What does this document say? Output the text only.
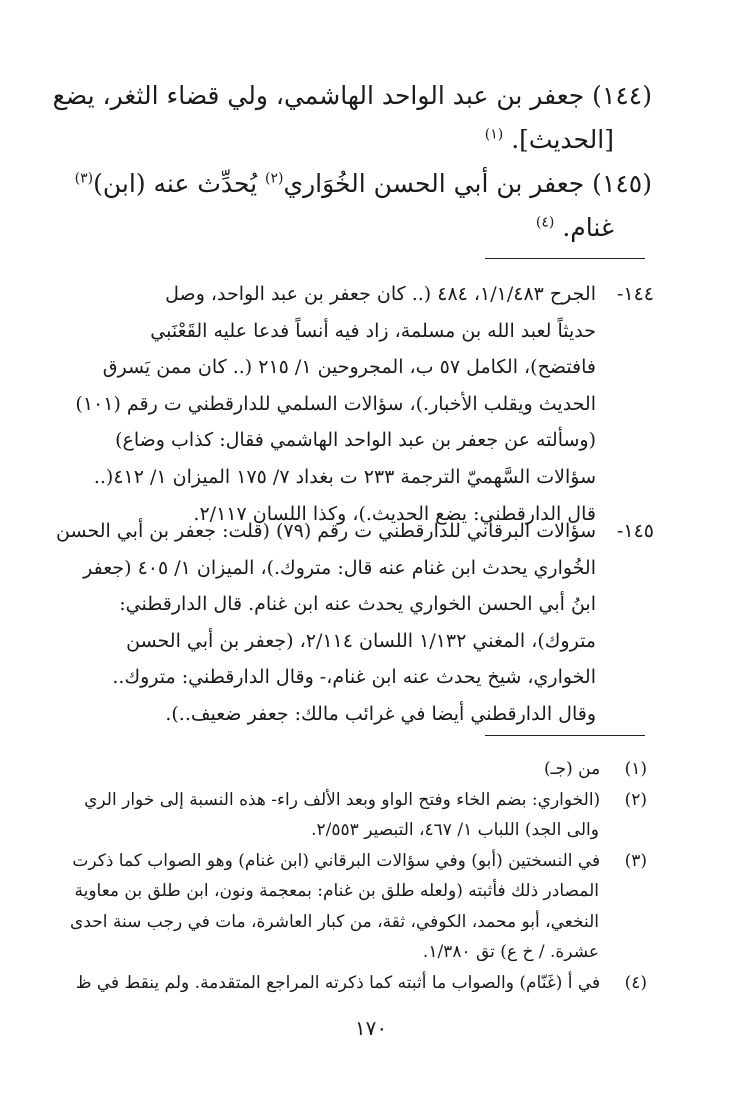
(١٤٤) جعفر بن عبد الواحد الهاشمي، ولي قضاء الثغر، يضع
[الحديث]. $^{(١)}$
(١٤٥) جعفر بن أبي الحسن الخُوَاري$^{(٢)}$ يُحدِّث عنه (ابن)$^{(٣)}$
غنام. $^{(٤)}$
١٤٤-الجرح ١/١/٤٨٣، ٤٨٤ (.. كان جعفر بن عبد الواحد، وصل
حديثاً لعبد الله بن مسلمة، زاد فيه أنساً فدعا عليه القَعْنَبي
فافتضح)، الكامل ٥٧ ب، المجروحين ١/ ٢١٥ (.. كان ممن يَسرق
الحديث ويقلب الأخبار.)، سؤالات السلمي للدارقطني ت رقم (١٠١)
(وسألته عن جعفر بن عبد الواحد الهاشمي فقال: كذاب وضاع)
سؤالات السَّهميّ الترجمة ٢٣٣ ت بغداد ٧/ ١٧٥ الميزان ١/ ٤١٢(..
قال الدارقطني: يضع الحديث.)، وكذا اللسان ٢/١١٧.
١٤٥-سؤالات البرقاني للدارقطني ت رقم (٧٩) (قلت: جعفر بن أبي الحسن
الخُواري يحدث ابن غنام عنه قال: متروك.)، الميزان ١/ ٤٠٥ (جعفر
ابنُ أبي الحسن الخواري يحدث عنه ابن غنام. قال الدارقطني:
متروك)، المغني ١/١٣٢ اللسان ٢/١١٤، (جعفر بن أبي الحسن
الخواري، شيخ يحدث عنه ابن غنام،- وقال الدارقطني: متروك..
وقال الدارقطني أيضا في غرائب مالك: جعفر ضعيف..).
(١)  من (جـ)
(٢)  (الخواري: بضم الخاء وفتح الواو وبعد الألف راء- هذه النسبة إلى خوار الري
والى الجد) اللباب ١/ ٤٦٧، التبصير ٢/٥٥٣.
(٣)  في النسختين (أبو) وفي سؤالات البرقاني (ابن غنام) وهو الصواب كما ذكرت
المصادر ذلك فأثبته (ولعله طلق بن غنام: بمعجمة ونون، ابن طلق بن معاوية
النخعي، أبو محمد، الكوفي، ثقة، من كبار العاشرة، مات في رجب سنة احدى
عشرة. / خ ع) تق ١/٣٨٠.
(٤)  في أ (غَنّام) والصواب ما أثبته كما ذكرته المراجع المتقدمة. ولم ينقط في ظ
١٧٠
